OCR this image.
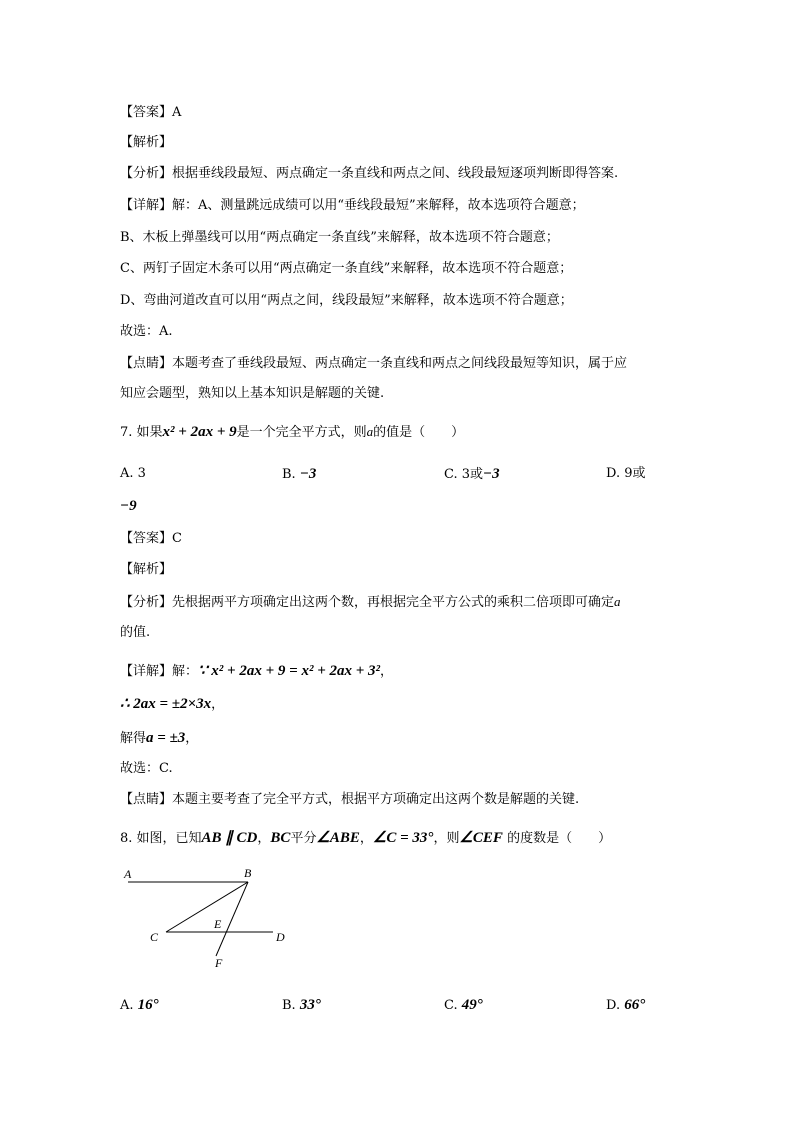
【答案】A
【解析】
【分析】根据垂线段最短、两点确定一条直线和两点之间、线段最短逐项判断即得答案.
【详解】解：A、测量跳远成绩可以用“垂线段最短”来解释，故本选项符合题意；
B、木板上弹墨线可以用“两点确定一条直线”来解释，故本选项不符合题意；
C、两钉子固定木条可以用“两点确定一条直线”来解释，故本选项不符合题意；
D、弯曲河道改直可以用“两点之间，线段最短”来解释，故本选项不符合题意；
故选：A.
【点睛】本题考查了垂线段最短、两点确定一条直线和两点之间线段最短等知识，属于应
知应会题型，熟知以上基本知识是解题的关键.
7. 如果x² + 2ax + 9是一个完全平方式，则a的值是（　　）
A. 3	B. −3	C. 3或−3	D. 9或
−9
【答案】C
【解析】
【分析】先根据两平方项确定出这两个数，再根据完全平方公式的乘积二倍项即可确定a
的值.
【详解】解：∵ x² + 2ax + 9 = x² + 2ax + 3²，
∴ 2ax = ±2×3x，
解得a = ±3，
故选：C.
【点睛】本题主要考查了完全平方式，根据平方项确定出这两个数是解题的关键.
8. 如图，已知AB ∥ CD，BC平分∠ABE，∠C = 33°，则∠CEF 的度数是（　　）
A	B
C	D
E
F
A. 16°	B. 33°	C. 49°	D. 66°
